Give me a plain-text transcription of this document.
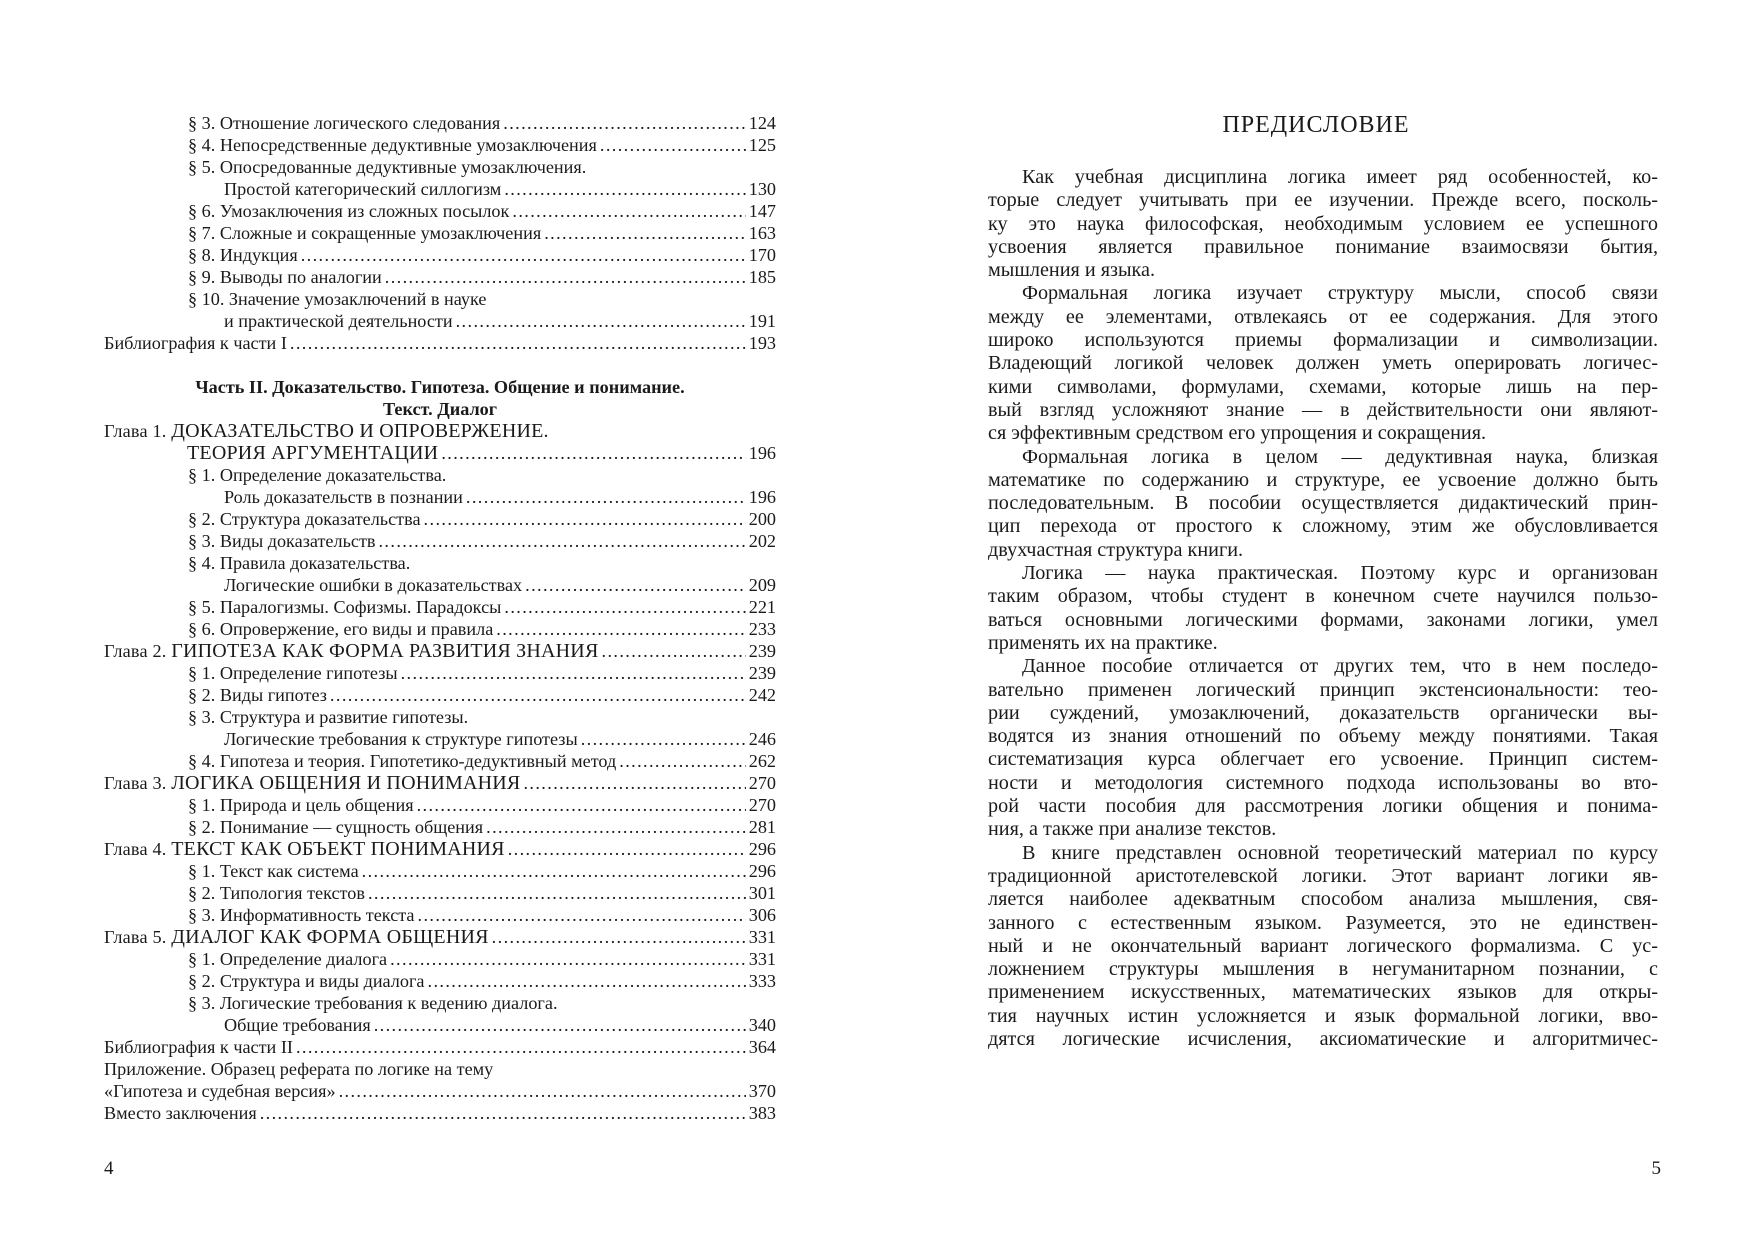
§ 3. Отношение логического следования .....	124
§ 4. Непосредственные дедуктивные умозаключения .....	125
§ 5. Опосредованные дедуктивные умозаключения.
Простой категорический силлогизм .....	130
§ 6. Умозаключения из сложных посылок .....	147
§ 7. Сложные и сокращенные умозаключения .....	163
§ 8. Индукция .....	170
§ 9. Выводы по аналогии .....	185
§ 10. Значение умозаключений в науке
и практической деятельности .....	191
Библиография к части I .....	193
Часть II. Доказательство. Гипотеза. Общение и понимание.
Текст. Диалог
Глава 1. ДОКАЗАТЕЛЬСТВО И ОПРОВЕРЖЕНИЕ.
ТЕОРИЯ АРГУМЕНТАЦИИ .....	196
§ 1. Определение доказательства.
Роль доказательств в познании .....	196
§ 2. Структура доказательства .....	200
§ 3. Виды доказательств .....	202
§ 4. Правила доказательства.
Логические ошибки в доказательствах .....	209
§ 5. Паралогизмы. Софизмы. Парадоксы .....	221
§ 6. Опровержение, его виды и правила .....	233
Глава 2. ГИПОТЕЗА КАК ФОРМА РАЗВИТИЯ ЗНАНИЯ .....	239
§ 1. Определение гипотезы .....	239
§ 2. Виды гипотез .....	242
§ 3. Структура и развитие гипотезы.
Логические требования к структуре гипотезы .....	246
§ 4. Гипотеза и теория. Гипотетико-дедуктивный метод .....	262
Глава 3. ЛОГИКА ОБЩЕНИЯ И ПОНИМАНИЯ .....	270
§ 1. Природа и цель общения .....	270
§ 2. Понимание — сущность общения .....	281
Глава 4. ТЕКСТ КАК ОБЪЕКТ ПОНИМАНИЯ .....	296
§ 1. Текст как система .....	296
§ 2. Типология текстов .....	301
§ 3. Информативность текста .....	306
Глава 5. ДИАЛОГ КАК ФОРМА ОБЩЕНИЯ .....	331
§ 1. Определение диалога .....	331
§ 2. Структура и виды диалога .....	333
§ 3. Логические требования к ведению диалога.
Общие требования .....	340
Библиография к части II .....	364
Приложение. Образец реферата по логике на тему
«Гипотеза и судебная версия» .....	370
Вместо заключения .....	383
4
ПРЕДИСЛОВИЕ
Как учебная дисциплина логика имеет ряд особенностей, ко-
торые следует учитывать при ее изучении. Прежде всего, посколь-
ку это наука философская, необходимым условием ее успешного
усвоения является правильное понимание взаимосвязи бытия,
мышления и языка.
Формальная логика изучает структуру мысли, способ связи
между ее элементами, отвлекаясь от ее содержания. Для этого
широко используются приемы формализации и символизации.
Владеющий логикой человек должен уметь оперировать логичес-
кими символами, формулами, схемами, которые лишь на пер-
вый взгляд усложняют знание — в действительности они являют-
ся эффективным средством его упрощения и сокращения.
Формальная логика в целом — дедуктивная наука, близкая
математике по содержанию и структуре, ее усвоение должно быть
последовательным. В пособии осуществляется дидактический прин-
цип перехода от простого к сложному, этим же обусловливается
двухчастная структура книги.
Логика — наука практическая. Поэтому курс и организован
таким образом, чтобы студент в конечном счете научился пользо-
ваться основными логическими формами, законами логики, умел
применять их на практике.
Данное пособие отличается от других тем, что в нем последо-
вательно применен логический принцип экстенсиональности: тео-
рии суждений, умозаключений, доказательств органически вы-
водятся из знания отношений по объему между понятиями. Такая
систематизация курса облегчает его усвоение. Принцип систем-
ности и методология системного подхода использованы во вто-
рой части пособия для рассмотрения логики общения и понима-
ния, а также при анализе текстов.
В книге представлен основной теоретический материал по курсу
традиционной аристотелевской логики. Этот вариант логики яв-
ляется наиболее адекватным способом анализа мышления, свя-
занного с естественным языком. Разумеется, это не единствен-
ный и не окончательный вариант логического формализма. С ус-
ложнением структуры мышления в негуманитарном познании, с
применением искусственных, математических языков для откры-
тия научных истин усложняется и язык формальной логики, вво-
дятся логические исчисления, аксиоматические и алгоритмичес-
5
